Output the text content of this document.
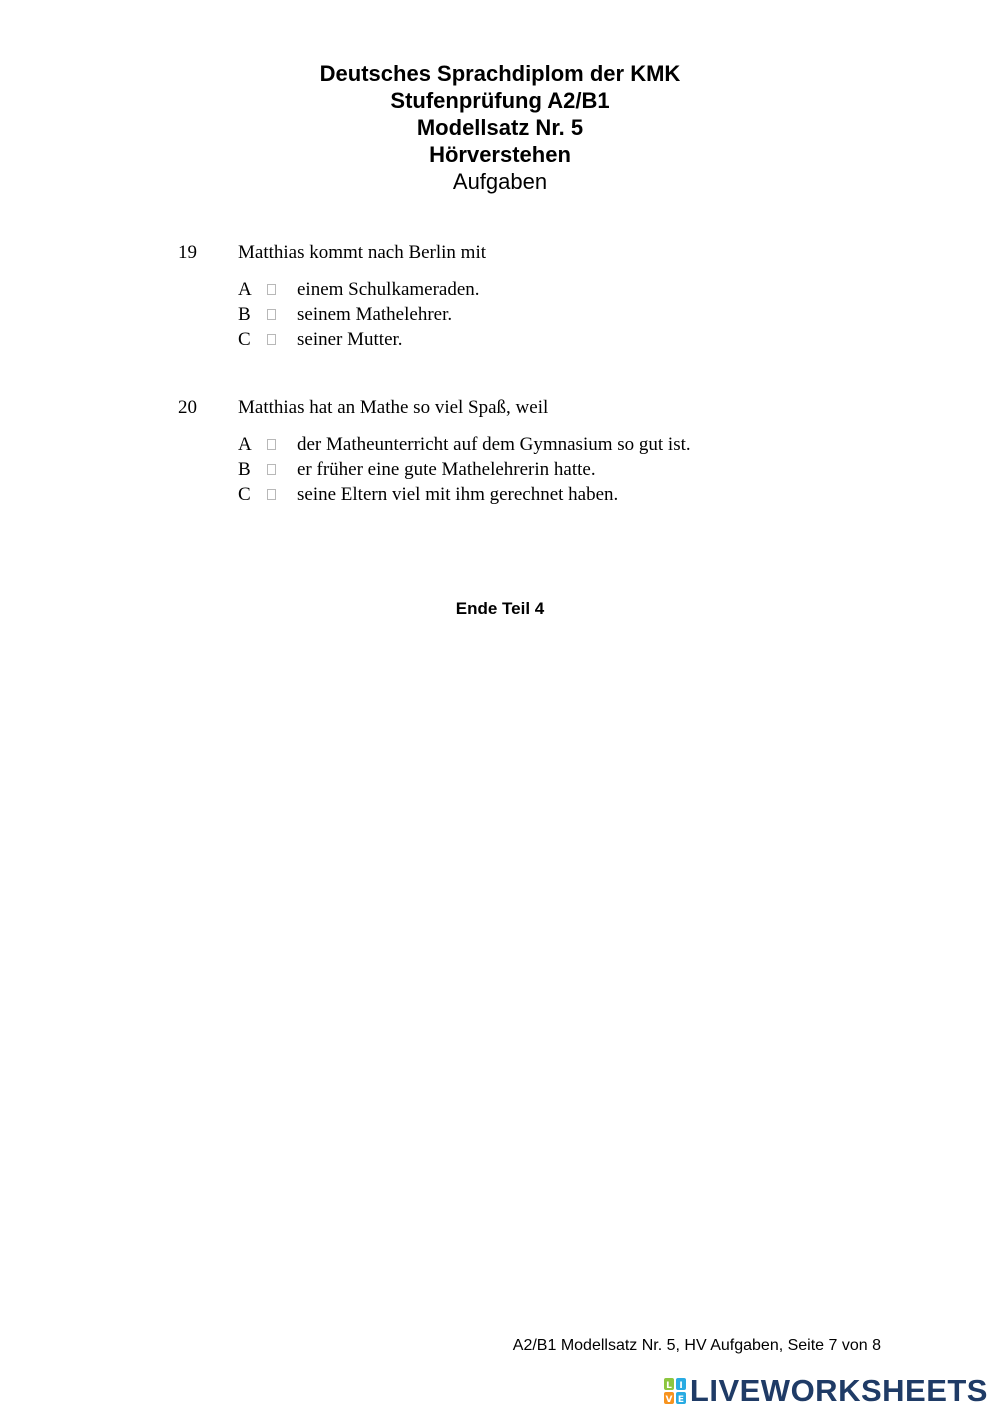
Deutsches Sprachdiplom der KMK
Stufenprüfung A2/B1
Modellsatz Nr. 5
Hörverstehen
Aufgaben
19 Matthias kommt nach Berlin mit
A einem Schulkameraden.
B seinem Mathelehrer.
C seiner Mutter.
20 Matthias hat an Mathe so viel Spaß, weil
A der Matheunterricht auf dem Gymnasium so gut ist.
B er früher eine gute Mathelehrerin hatte.
C seine Eltern viel mit ihm gerechnet haben.
Ende Teil 4
A2/B1 Modellsatz Nr. 5, HV Aufgaben, Seite 7 von 8
L I
V E LIVEWORKSHEETS
